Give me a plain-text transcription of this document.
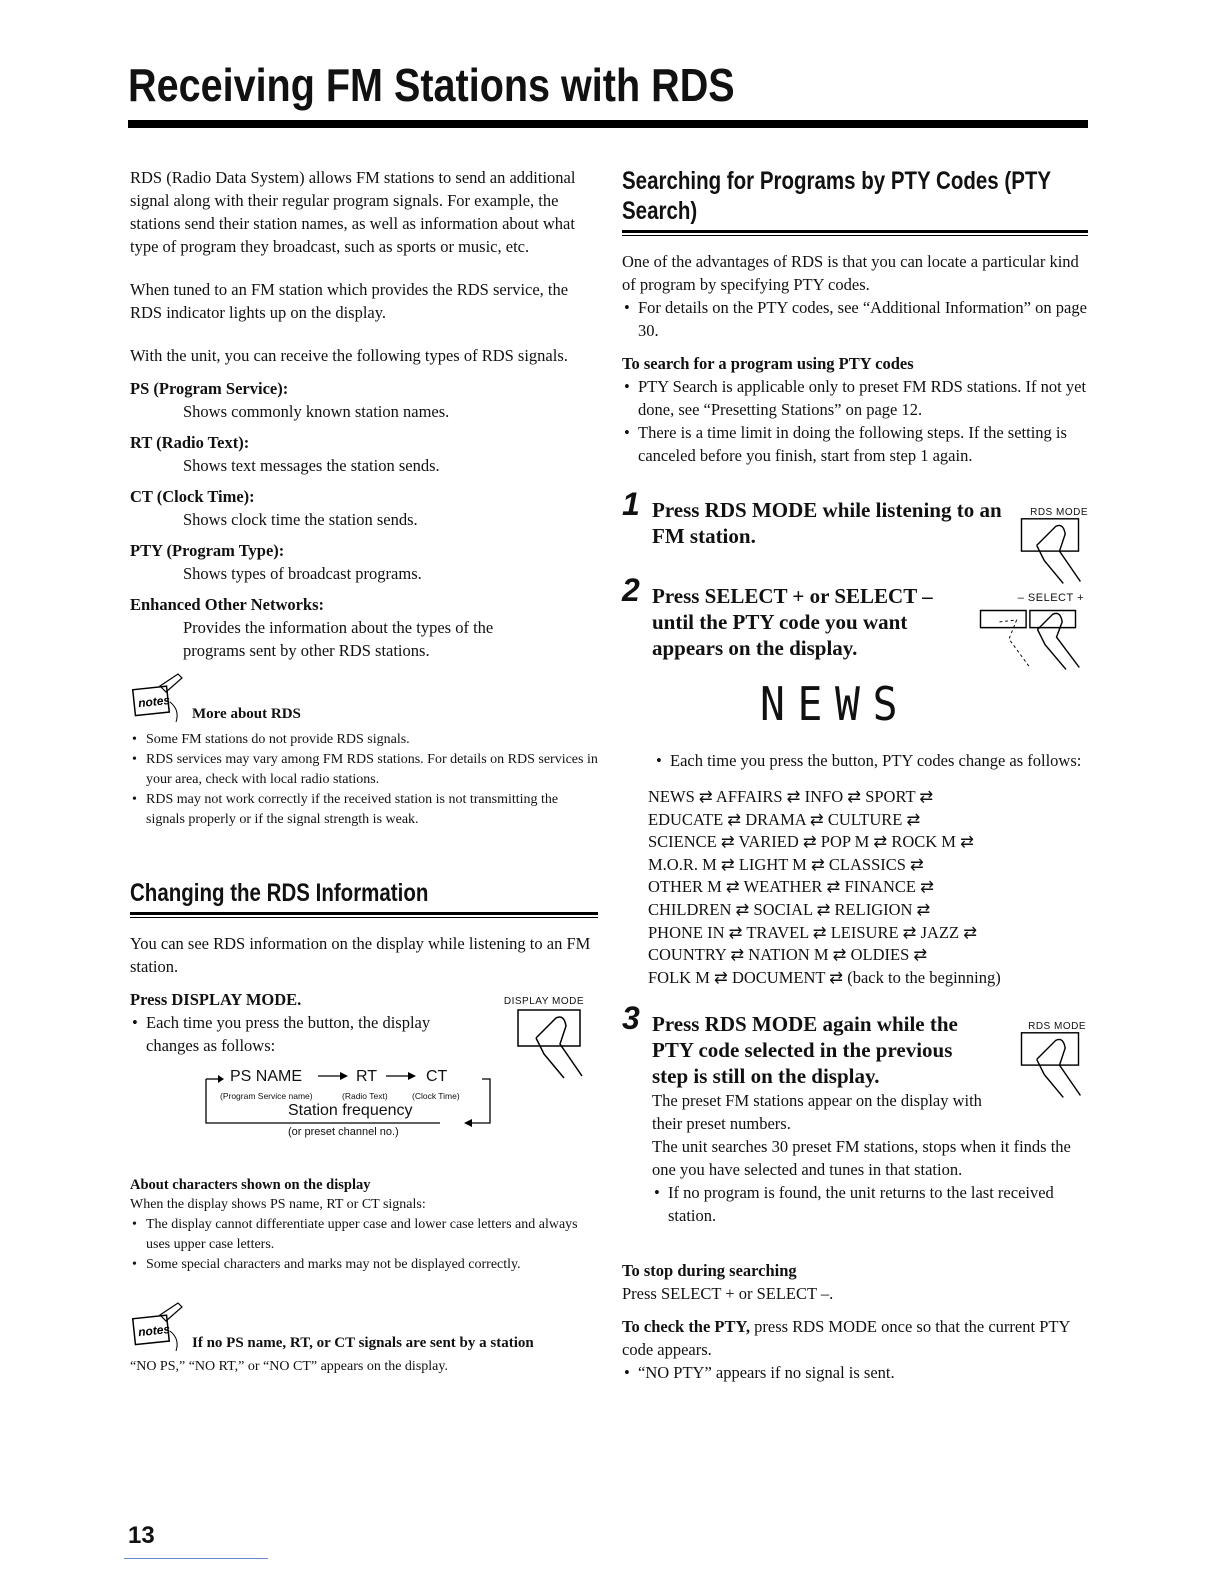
Receiving FM Stations with RDS

RDS (Radio Data System) allows FM stations to send an additional signal along with their regular program signals. For example, the stations send their station names, as well as information about what type of program they broadcast, such as sports or music, etc.

When tuned to an FM station which provides the RDS service, the RDS indicator lights up on the display.

With the unit, you can receive the following types of RDS signals.

PS (Program Service):
Shows commonly known station names.
RT (Radio Text):
Shows text messages the station sends.
CT (Clock Time):
Shows clock time the station sends.
PTY (Program Type):
Shows types of broadcast programs.
Enhanced Other Networks:
Provides the information about the types of the programs sent by other RDS stations.
notes
More about RDS
• Some FM stations do not provide RDS signals.
• RDS services may vary among FM RDS stations. For details on RDS services in your area, check with local radio stations.
• RDS may not work correctly if the received station is not transmitting the signals properly or if the signal strength is weak.
Changing the RDS Information

You can see RDS information on the display while listening to an FM station.

Press DISPLAY MODE.	DISPLAY MODE
• Each time you press the button, the display changes as follows:
PS NAME
(Program Service name)
RT
(Radio Text)
CT
(Clock Time)
Station frequency
(or preset channel no.)
About characters shown on the display
When the display shows PS name, RT or CT signals:
• The display cannot differentiate upper case and lower case letters and always uses upper case letters.
• Some special characters and marks may not be displayed correctly.
notes
If no PS name, RT, or CT signals are sent by a station
“NO PS,” “NO RT,” or “NO CT” appears on the display.
Searching for Programs by PTY Codes (PTY Search)

One of the advantages of RDS is that you can locate a particular kind of program by specifying PTY codes.

• For details on the PTY codes, see “Additional Information” on page 30.
To search for a program using PTY codes
• PTY Search is applicable only to preset FM RDS stations. If not yet done, see “Presetting Stations” on page 12.
• There is a time limit in doing the following steps. If the setting is canceled before you finish, start from step 1 again.
1 Press RDS MODE while listening to an FM station.
RDS MODE
2 Press SELECT + or SELECT – until the PTY code you want appears on the display.
– SELECT +
NEWS
• Each time you press the button, PTY codes change as follows:
NEWS ⇄ AFFAIRS ⇄ INFO ⇄ SPORT ⇄
EDUCATE ⇄ DRAMA ⇄ CULTURE ⇄
SCIENCE ⇄ VARIED ⇄ POP M ⇄ ROCK M ⇄
M.O.R. M ⇄ LIGHT M ⇄ CLASSICS ⇄
OTHER M ⇄ WEATHER ⇄ FINANCE ⇄
CHILDREN ⇄ SOCIAL ⇄ RELIGION ⇄
PHONE IN ⇄ TRAVEL ⇄ LEISURE ⇄ JAZZ ⇄
COUNTRY ⇄ NATION M ⇄ OLDIES ⇄
FOLK M ⇄ DOCUMENT ⇄ (back to the beginning)
3 Press RDS MODE again while the PTY code selected in the previous step is still on the display.
RDS MODE
The preset FM stations appear on the display with their preset numbers.
The unit searches 30 preset FM stations, stops when it finds the one you have selected and tunes in that station.
• If no program is found, the unit returns to the last received station.
To stop during searching
Press SELECT + or SELECT –.
To check the PTY, press RDS MODE once so that the current PTY code appears.
• “NO PTY” appears if no signal is sent.
13
